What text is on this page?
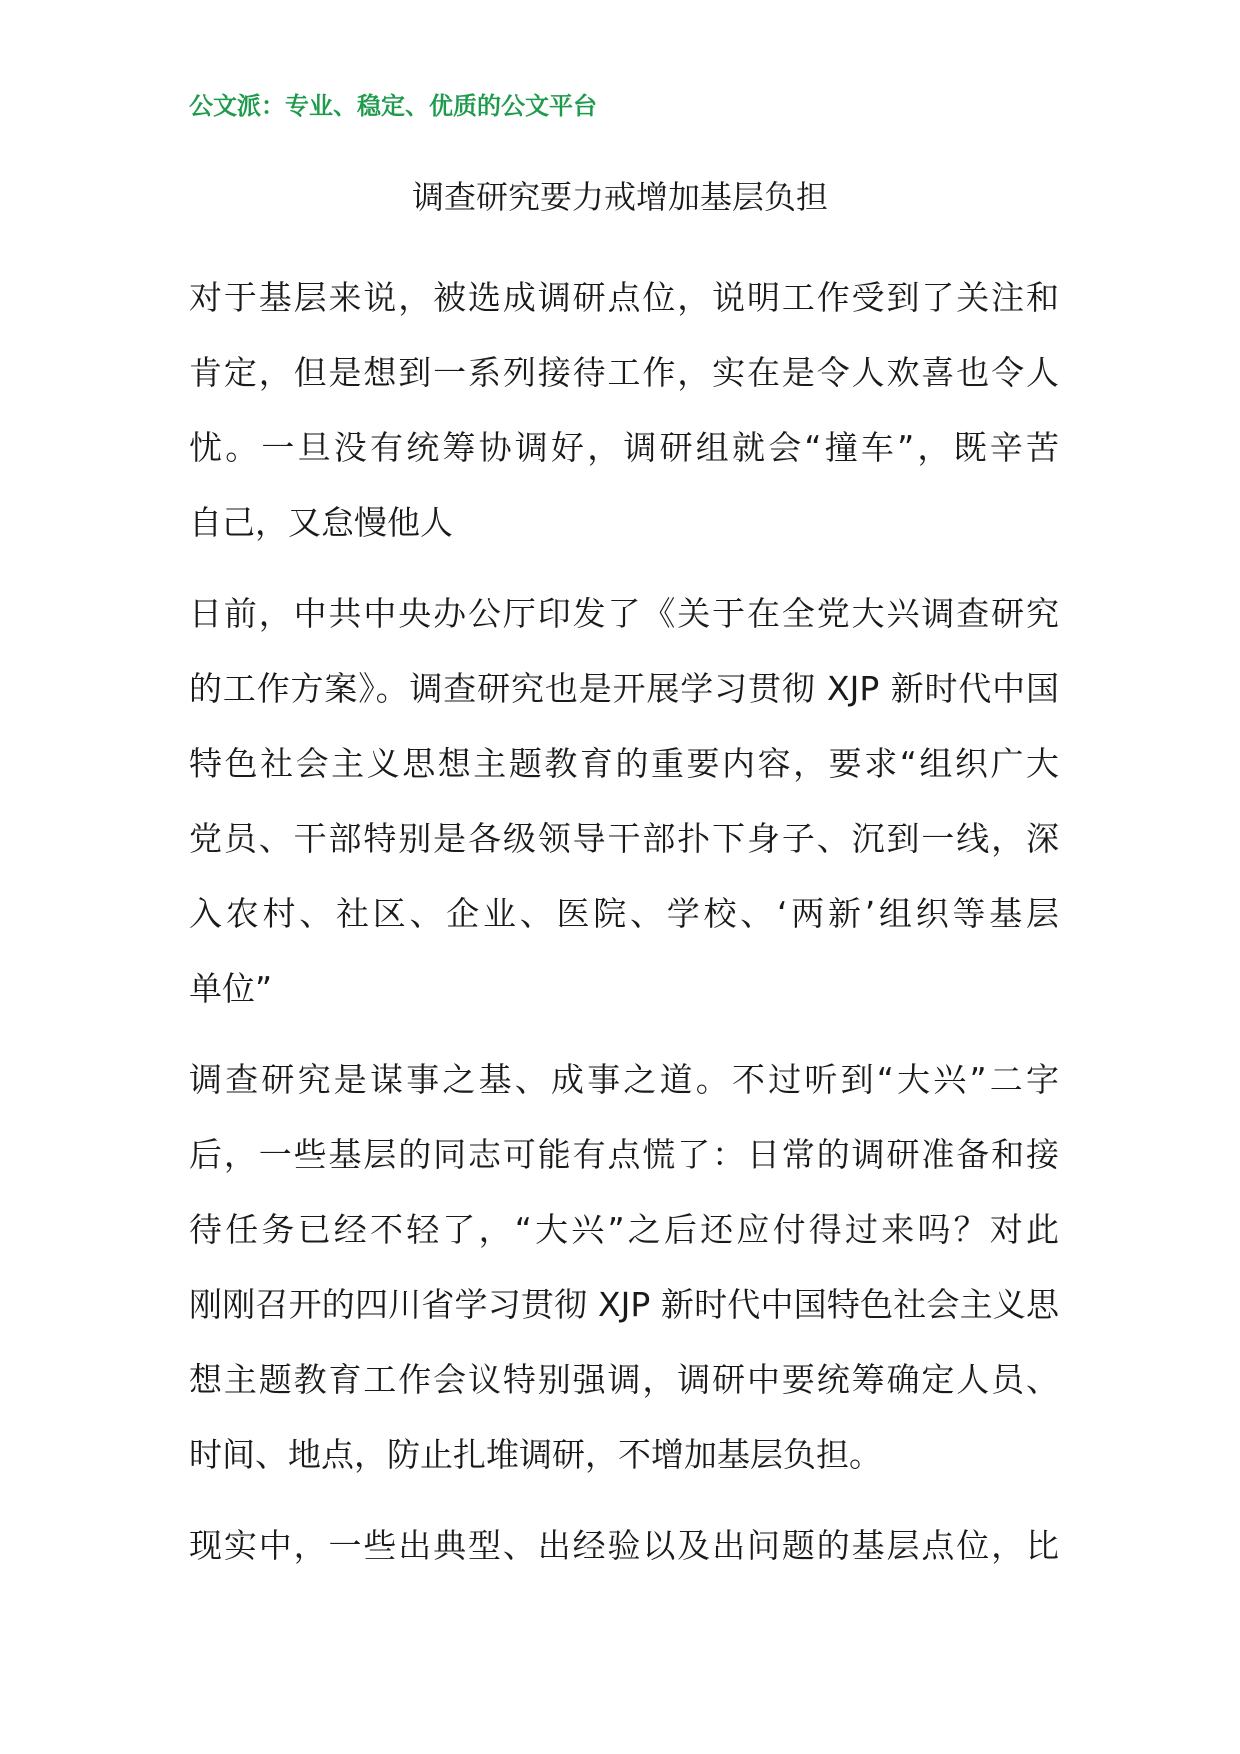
公文派：专业、稳定、优质的公文平台
调查研究要力戒增加基层负担

对于基层来说，被选成调研点位，说明工作受到了关注和
肯定，但是想到一系列接待工作，实在是令人欢喜也令人
忧。一旦没有统筹协调好，调研组就会“撞车”，既辛苦
自己，又怠慢他人

日前，中共中央办公厅印发了《关于在全党大兴调查研究
的工作方案》。调查研究也是开展学习贯彻 XJP 新时代中国
特色社会主义思想主题教育的重要内容，要求“组织广大
党员、干部特别是各级领导干部扑下身子、沉到一线，深
入农村、社区、企业、医院、学校、‘两新’组织等基层
单位”

调查研究是谋事之基、成事之道。不过听到“大兴”二字
后，一些基层的同志可能有点慌了：日常的调研准备和接
待任务已经不轻了，“大兴”之后还应付得过来吗？对此
刚刚召开的四川省学习贯彻 XJP 新时代中国特色社会主义思
想主题教育工作会议特别强调，调研中要统筹确定人员、
时间、地点，防止扎堆调研，不增加基层负担。

现实中，一些出典型、出经验以及出问题的基层点位，比
